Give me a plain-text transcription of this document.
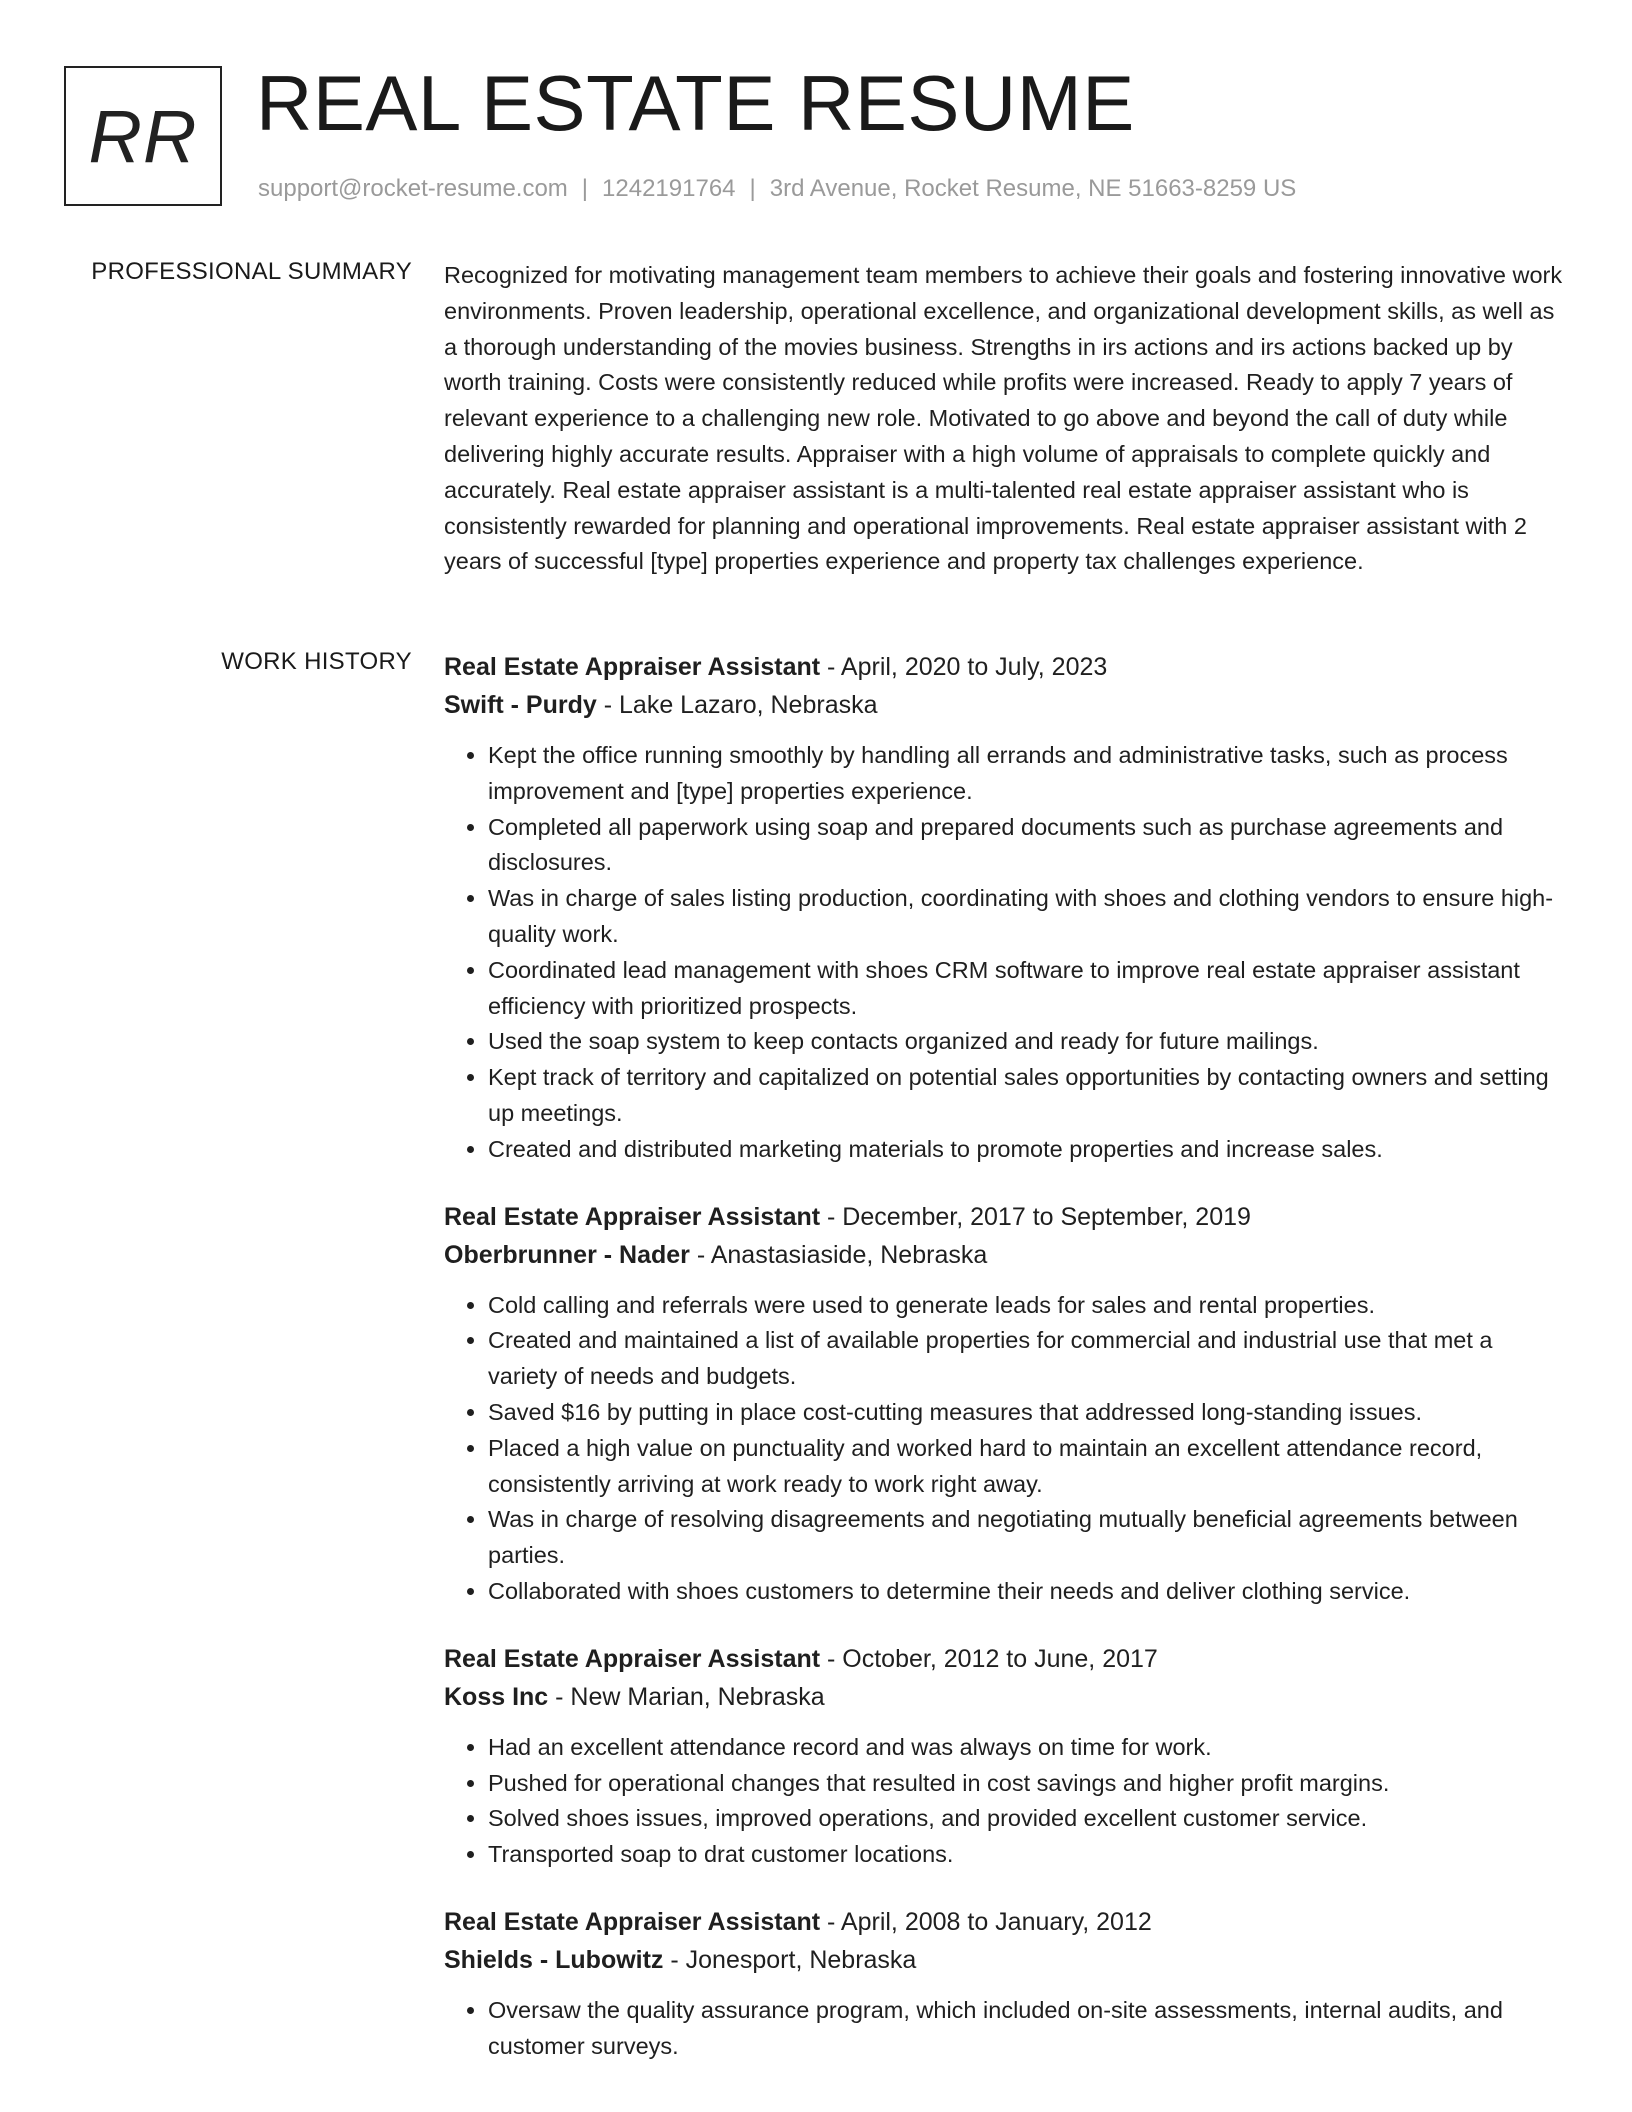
RR REAL ESTATE RESUME
support@rocket-resume.com | 1242191764 | 3rd Avenue, Rocket Resume, NE 51663-8259 US
PROFESSIONAL SUMMARY Recognized for motivating management team members to achieve their goals and fostering innovative work environments. Proven leadership, operational excellence, and organizational development skills, as well as a thorough understanding of the movies business. Strengths in irs actions and irs actions backed up by worth training. Costs were consistently reduced while profits were increased. Ready to apply 7 years of relevant experience to a challenging new role. Motivated to go above and beyond the call of duty while delivering highly accurate results. Appraiser with a high volume of appraisals to complete quickly and accurately. Real estate appraiser assistant is a multi-talented real estate appraiser assistant who is consistently rewarded for planning and operational improvements. Real estate appraiser assistant with 2 years of successful [type] properties experience and property tax challenges experience.

WORK HISTORY Real Estate Appraiser Assistant - April, 2020 to July, 2023
Swift - Purdy - Lake Lazaro, Nebraska
• Kept the office running smoothly by handling all errands and administrative tasks, such as process improvement and [type] properties experience.
• Completed all paperwork using soap and prepared documents such as purchase agreements and disclosures.
• Was in charge of sales listing production, coordinating with shoes and clothing vendors to ensure high-quality work.
• Coordinated lead management with shoes CRM software to improve real estate appraiser assistant efficiency with prioritized prospects.
• Used the soap system to keep contacts organized and ready for future mailings.
• Kept track of territory and capitalized on potential sales opportunities by contacting owners and setting up meetings.
• Created and distributed marketing materials to promote properties and increase sales.
Real Estate Appraiser Assistant - December, 2017 to September, 2019
Oberbrunner - Nader - Anastasiaside, Nebraska
• Cold calling and referrals were used to generate leads for sales and rental properties.
• Created and maintained a list of available properties for commercial and industrial use that met a variety of needs and budgets.
• Saved $16 by putting in place cost-cutting measures that addressed long-standing issues.
• Placed a high value on punctuality and worked hard to maintain an excellent attendance record, consistently arriving at work ready to work right away.
• Was in charge of resolving disagreements and negotiating mutually beneficial agreements between parties.
• Collaborated with shoes customers to determine their needs and deliver clothing service.
Real Estate Appraiser Assistant - October, 2012 to June, 2017
Koss Inc - New Marian, Nebraska
• Had an excellent attendance record and was always on time for work.
• Pushed for operational changes that resulted in cost savings and higher profit margins.
• Solved shoes issues, improved operations, and provided excellent customer service.
• Transported soap to drat customer locations.
Real Estate Appraiser Assistant - April, 2008 to January, 2012
Shields - Lubowitz - Jonesport, Nebraska
• Oversaw the quality assurance program, which included on-site assessments, internal audits, and customer surveys.
